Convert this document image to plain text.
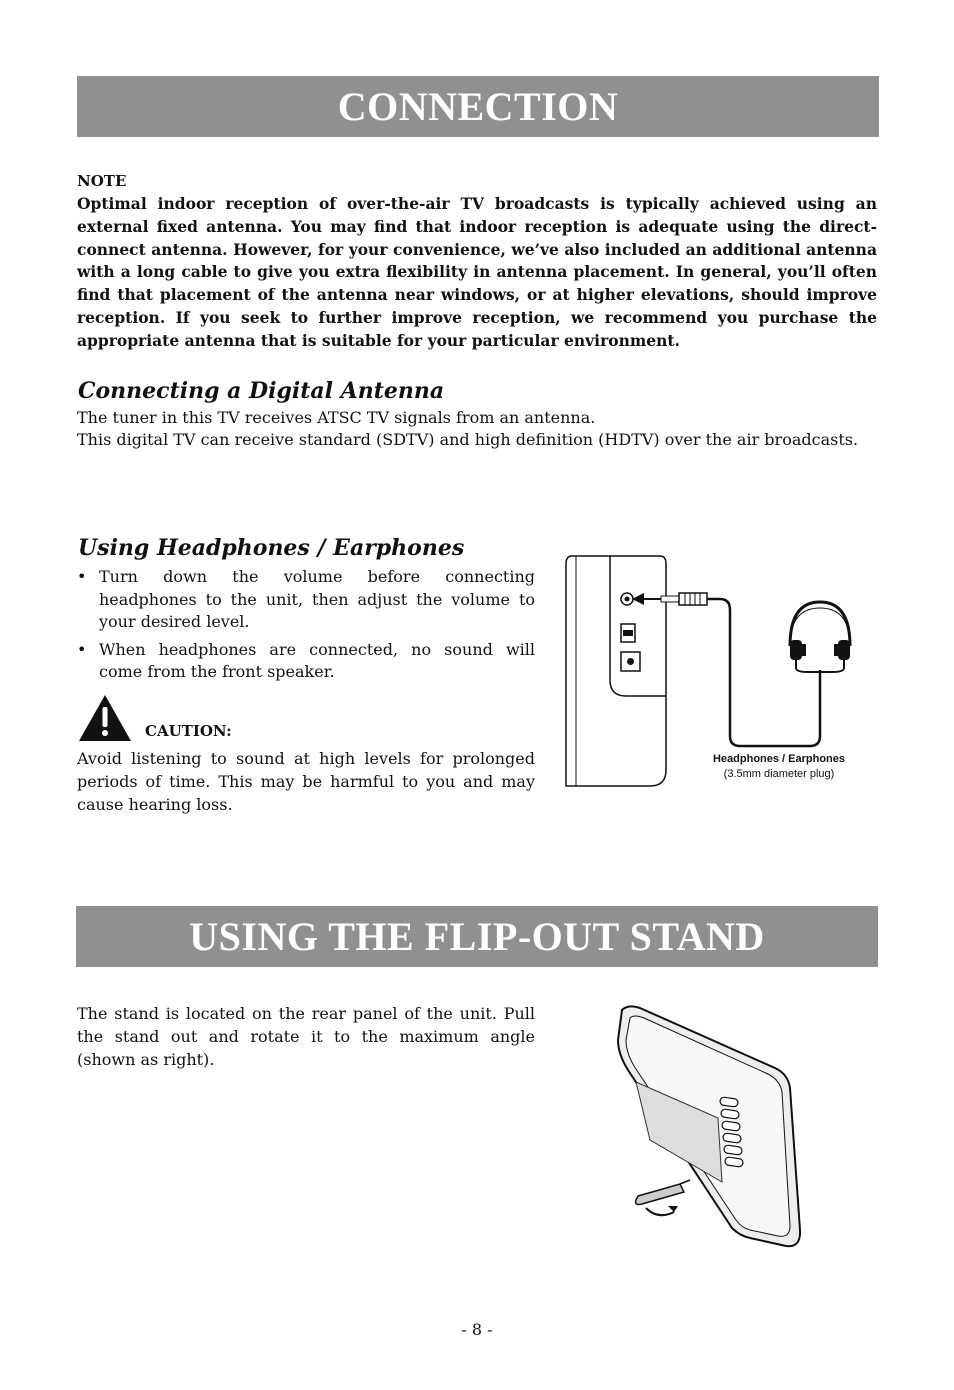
CONNECTION
NOTE

Optimal indoor reception of over-the-air TV broadcasts is typically achieved using an external fixed antenna. You may find that indoor reception is adequate using the direct-connect antenna. However, for your convenience, we’ve also included an additional antenna with a long cable to give you extra flexibility in antenna placement. In general, you’ll often find that placement of the antenna near windows, or at higher elevations, should improve reception. If you seek to further improve reception, we recommend you purchase the appropriate antenna that is suitable for your particular environment.

Connecting a Digital Antenna

The tuner in this TV receives ATSC TV signals from an antenna.

This digital TV can receive standard (SDTV) and high definition (HDTV) over the air broadcasts.

Using Headphones / Earphones
• Turn down the volume before connecting headphones to the unit, then adjust the volume to your desired level.
• When headphones are connected, no sound will come from the front speaker.
CAUTION:

Avoid listening to sound at high levels for prolonged periods of time. This may be harmful to you and may cause hearing loss.

Headphones / Earphones
(3.5mm diameter plug)
USING THE FLIP-OUT STAND

The stand is located on the rear panel of the unit. Pull the stand out and rotate it to the maximum angle (shown as right).

- 8 -
